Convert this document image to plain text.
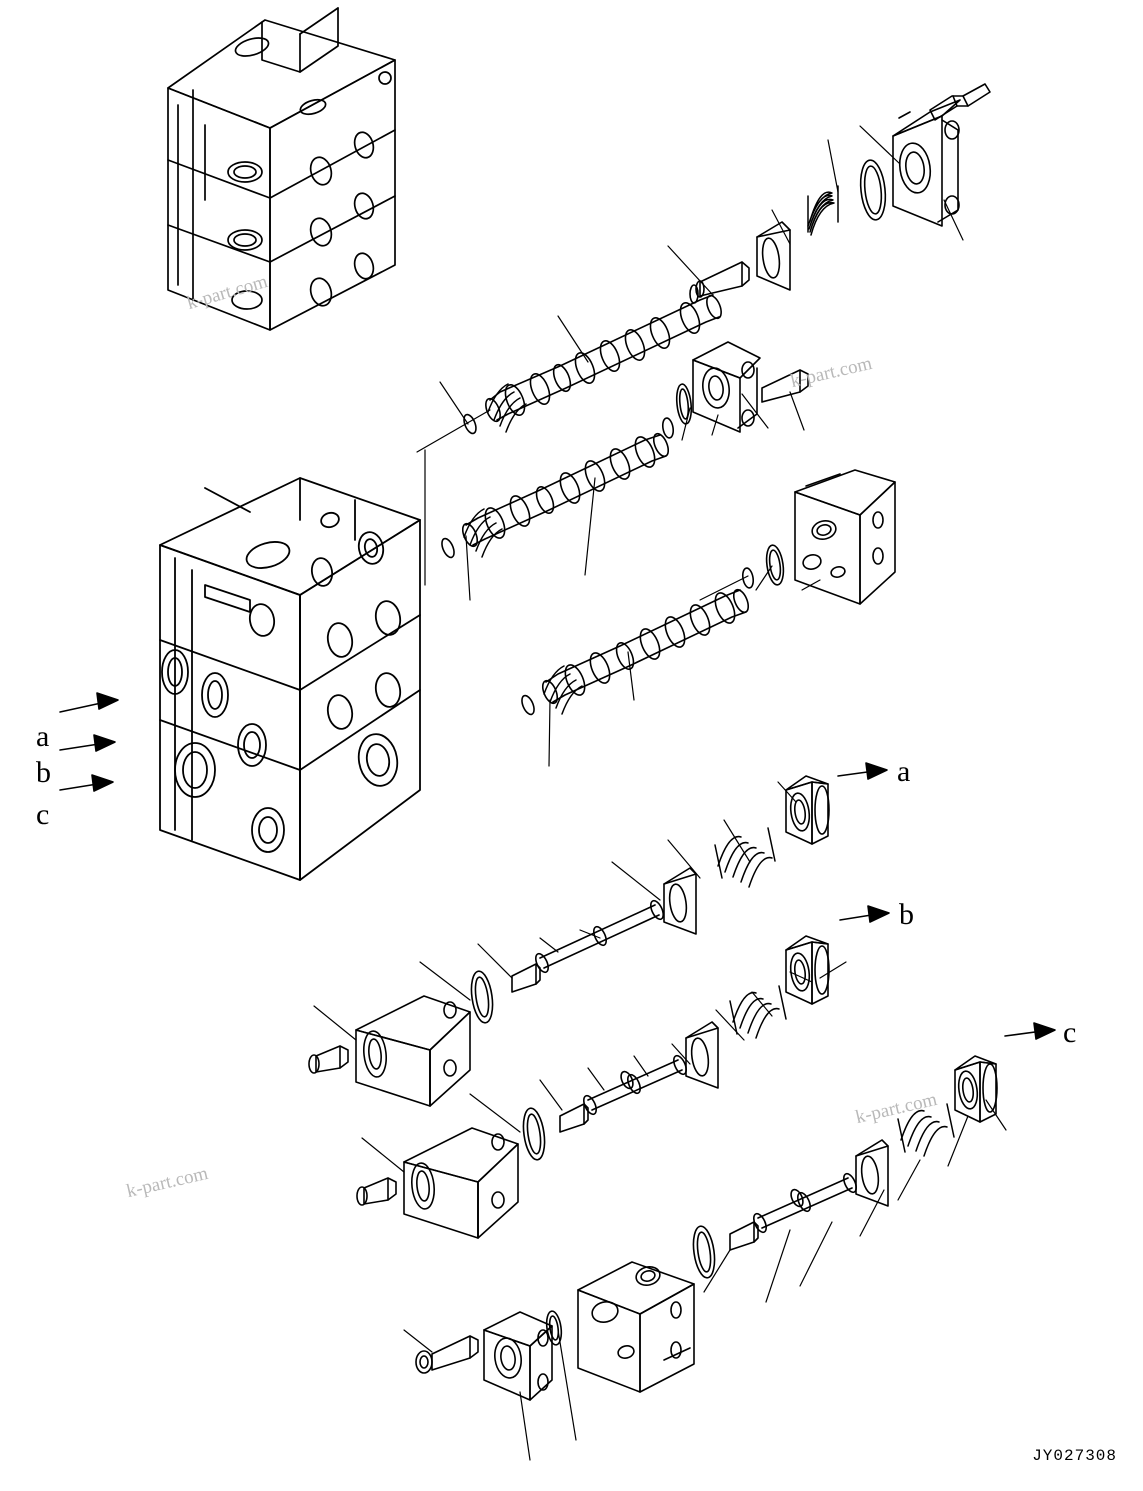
a
b
c
a
b
c
k-part.com
k-part.com
k-part.com
k-part.com
JY027308
